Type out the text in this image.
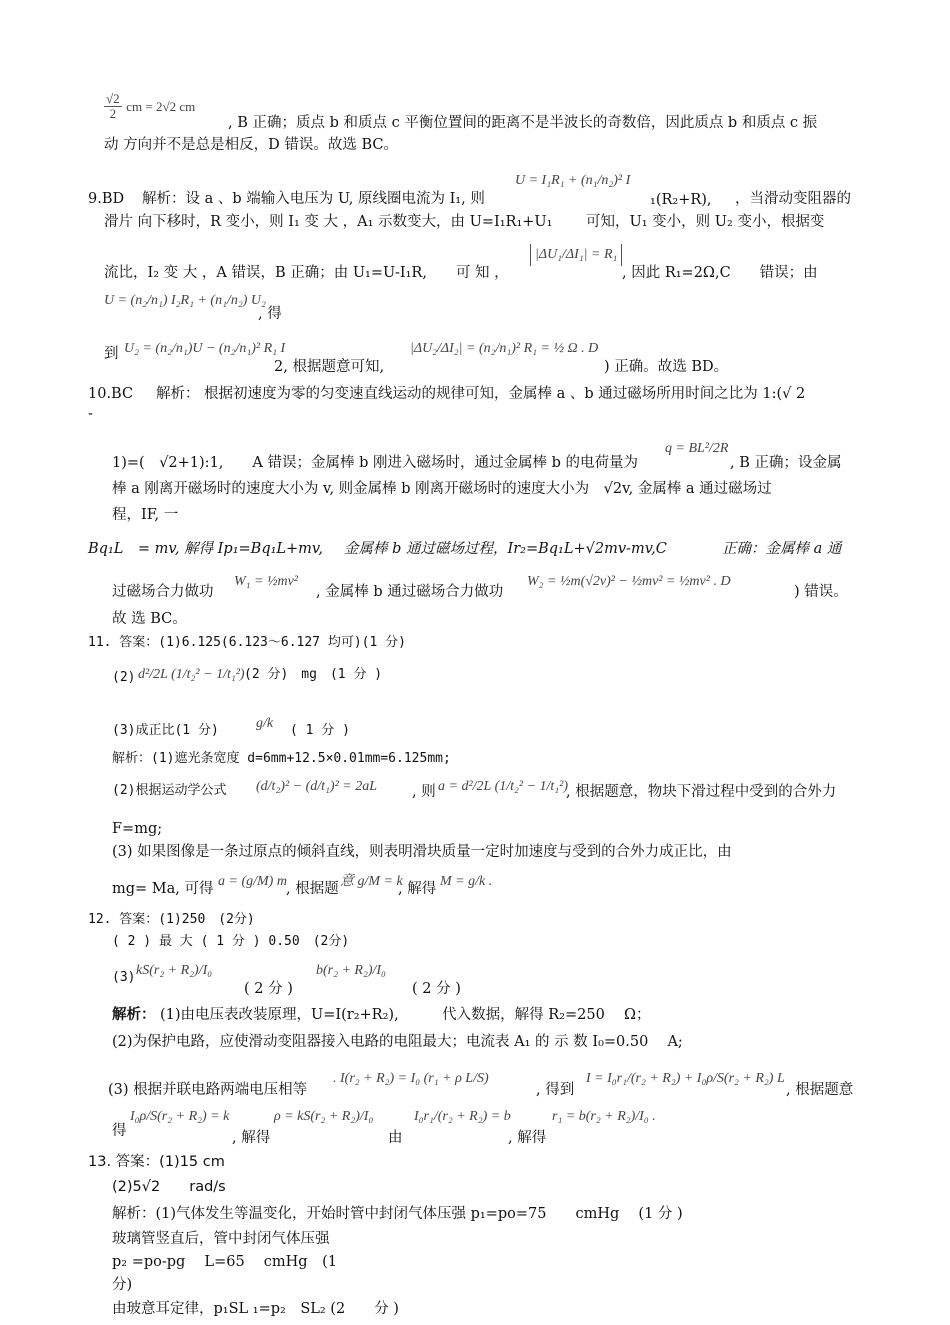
$\frac{√2}{2}$ cm = 2√2 cm
, B 正确；质点 b 和质点 c 平衡位置间的距离不是半波长的奇数倍，因此质点 b 和质点 c 振
动 方向并不是总是相反，D 错误。故选 BC。
9.BD 解析：设 a 、b 端输入电压为 U, 原线圈电流为 I₁, 则
U = I₁R₁ + (n₁/n₂)² I
₁(R₂+R), ，当滑动变阻器的
滑片 向下移时，R 变小，则 I₁ 变 大 ，A₁ 示数变大，由 U=I₁R₁+U₁　　 可知，U₁ 变小，则 U₂ 变小，根据变
流比，I₂ 变 大 ，A 错误，B 正确；由 U₁=U-I₁R,　　可 知 ，
|ΔU₁/ΔI₁| = R₁
, 因此 R₁=2Ω,C　　错误；由
U = (n₂/n₁) I₂R₁ + (n₁/n₂) U₂
, 得
到 U₂ = (n₂/n₁)U − (n₂/n₁)² R₁ I
2, 根据题意可知,
|ΔU₂/ΔI₂| = (n₂/n₁)² R₁ = ½ Ω . D
) 正确。故选 BD。
10.BC 解析： 根据初速度为零的匀变速直线运动的规律可知，金属棒 a 、b 通过磁场所用时间之比为 1:(√ 2
-
1)=(　√2+1):1,　　A 错误；金属棒 b 刚进入磁场时，通过金属棒 b 的电荷量为
q = BL²/2R
, B 正确；设金属
棒 a 刚离开磁场时的速度大小为 v, 则金属棒 b 刚离开磁场时的速度大小为　√2v, 金属棒 a 通过磁场过
程，IF, 一
Bq₁L　= mv, 解得 Ip₁=Bq₁L+mv, 金属棒 b 通过磁场过程，Ir₂=Bq₁L+√2mv-mv,C	正确：金属棒 a 通
过磁场合力做功
W₁ = ½mv²
, 金属棒 b 通过磁场合力做功
W₂ = ½m(√2v)² − ½mv² = ½mv² . D
) 错误。
故 选 BC。
11. 答案：(1)6.125(6.123～6.127 均可)(1 分)
(2) d²/2L (1/t₂² − 1/t₁²) (2 分)　mg　(1 分 )
(3)成正比(1 分)	g/k ( 1 分 )
解析：(1)遮光条宽度 d=6mm+12.5×0.01mm=6.125mm;
(2)根据运动学公式 (d/t₂)² − (d/t₁)² = 2aL , 则 a = d²/2L (1/t₂² − 1/t₁²)
, 根据题意，物块下滑过程中受到的合外力
F=mg;
(3) 如果图像是一条过原点的倾斜直线，则表明滑块质量一定时加速度与受到的合外力成正比，由
mg= Ma, 可得 a = (g/M) m , 根据题 意 g/M = k
, 解得 M = g/k .
12. 答案：(1)250　(2分)
( 2 ) 最 大 ( 1 分 ) 0.50　(2分)
(3) kS(r₂ + R₂)/I₀
( 2 分 )
b(r₂ + R₂)/I₀
( 2 分 )
解析： (1)由电压表改装原理，U=I(r₂+R₂),　　　代入数据，解得 R₂=250　 Ω；
(2)为保护电路，应使滑动变阻器接入电路的电阻最大；电流表 A₁ 的 示 数 I₀=0.50　 A;
(3) 根据并联电路两端电压相等
. I(r₂ + R₂) = I₀ (r₁ + ρ L/S)
, 得到
I = I₀r₁/(r₂ + R₂) + I₀ρ/S(r₂ + R₂) L
, 根据题意
得
I₀ρ/S(r₂ + R₂) = k
, 解得
ρ = kS(r₂ + R₂)/I₀
由
I₀r₁/(r₂ + R₂) = b
, 解得
r₁ = b(r₂ + R₂)/I₀ .
13. 答案：(1)15 cm
(2)5√2　　rad/s
解析：(1)气体发生等温变化，开始时管中封闭气体压强 p₁=po=75　　cmHg　 (1 分 )
玻璃管竖直后，管中封闭气体压强
p₂ =po-pg　 L=65　 cmHg　(1
分)
由玻意耳定律，p₁SL ₁=p₂　SL₂ (2　　分 )
